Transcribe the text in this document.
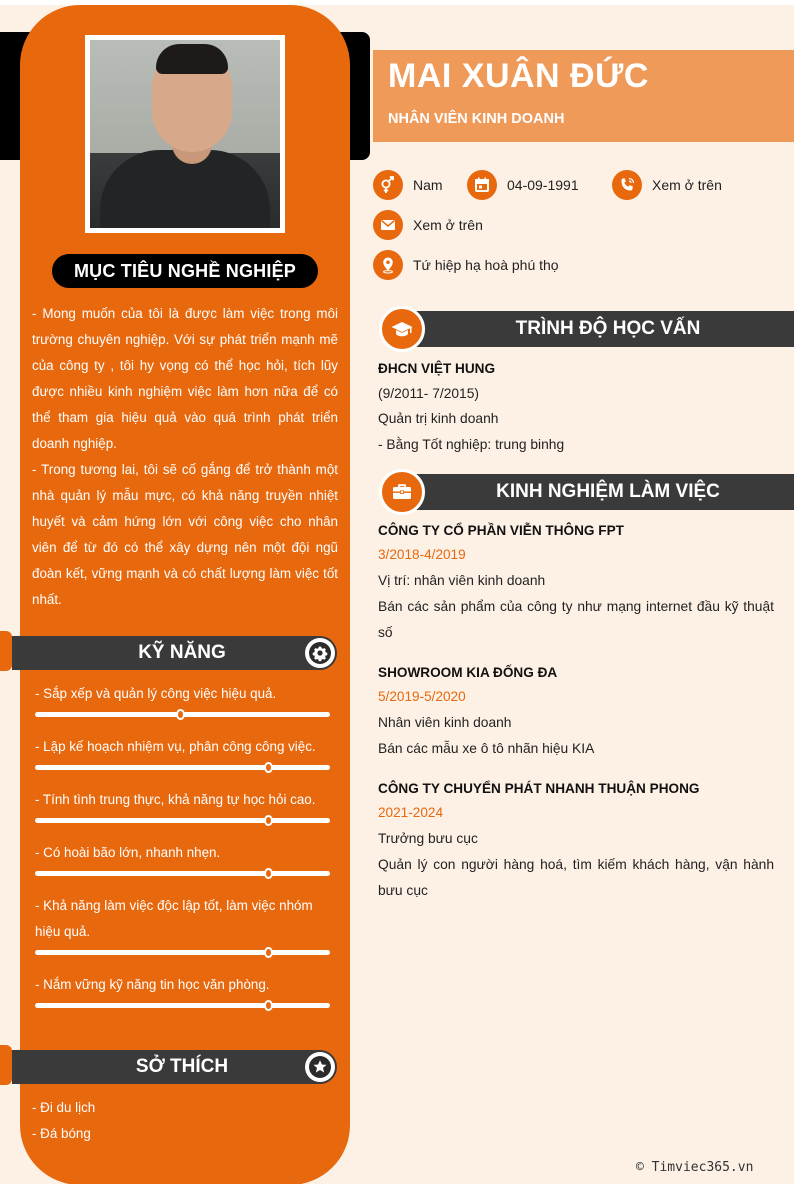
MỤC TIÊU NGHỀ NGHIỆP
- Mong muốn của tôi là được làm việc trong môi trường chuyên nghiệp. Với sự phát triển mạnh mẽ của công ty , tôi hy vọng có thể học hỏi, tích lũy được nhiều kinh nghiệm việc làm hơn nữa để có thể tham gia hiệu quả vào quá trình phát triển doanh nghiệp.
- Trong tương lai, tôi sẽ cố gắng để trở thành một nhà quản lý mẫu mực, có khả năng truyền nhiệt huyết và cảm hứng lớn với công việc cho nhân viên để từ đó có thể xây dựng nên một đội ngũ đoàn kết, vững mạnh và có chất lượng làm việc tốt nhất.
KỸ NĂNG
SỞ THÍCH
- Đi du lịch
- Đá bóng
MAI XUÂN ĐỨC
NHÂN VIÊN KINH DOANH
Nam	04-09-1991	Xem ở trên
Xem ở trên
Tứ hiệp hạ hoà phú thọ
TRÌNH ĐỘ HỌC VẤN
ĐHCN VIỆT HUNG
(9/2011- 7/2015)
Quản trị kinh doanh
- Bằng Tốt nghiệp: trung binhg
KINH NGHIỆM LÀM VIỆC
CÔNG TY CỔ PHẦN VIỄN THÔNG FPT
3/2018-4/2019
Vị trí: nhân viên kinh doanh
Bán các sản phẩm của công ty như mạng internet đầu kỹ thuật số
SHOWROOM KIA ĐỐNG ĐA
5/2019-5/2020
Nhân viên kinh doanh
Bán các mẫu xe ô tô nhãn hiệu KIA
CÔNG TY CHUYỂN PHÁT NHANH THUẬN PHONG
2021-2024
Trưởng bưu cục
Quản lý con người hàng hoá, tìm kiếm khách hàng, vận hành bưu cục
© Timviec365.vn
- Sắp xếp và quản lý công việc hiệu quả.
- Lập kế hoạch nhiệm vụ, phân công công việc.
- Tính tình trung thực, khả năng tự học hỏi cao.
- Có hoài bão lớn, nhanh nhẹn.
- Khả năng làm việc độc lập tốt, làm việc nhóm hiệu quả.
- Nắm vững kỹ năng tin học văn phòng.
